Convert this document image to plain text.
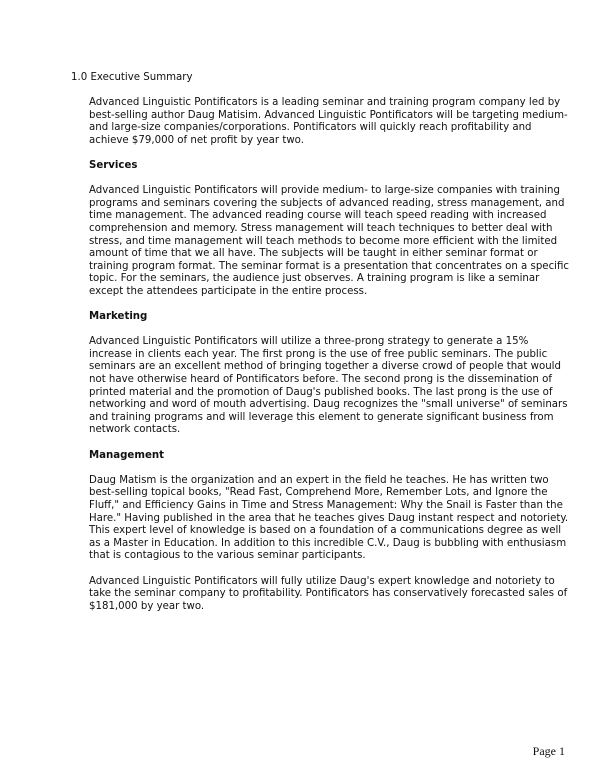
1.0 Executive Summary

Advanced Linguistic Pontificators is a leading seminar and training program company led by best-selling author Daug Matisim. Advanced Linguistic Pontificators will be targeting medium- and large-size companies/corporations. Pontificators will quickly reach profitability and achieve $79,000 of net profit by year two.

Services

Advanced Linguistic Pontificators will provide medium- to large-size companies with training programs and seminars covering the subjects of advanced reading, stress management, and time management. The advanced reading course will teach speed reading with increased comprehension and memory. Stress management will teach techniques to better deal with stress, and time management will teach methods to become more efficient with the limited amount of time that we all have. The subjects will be taught in either seminar format or training program format. The seminar format is a presentation that concentrates on a specific topic. For the seminars, the audience just observes. A training program is like a seminar except the attendees participate in the entire process.

Marketing

Advanced Linguistic Pontificators will utilize a three-prong strategy to generate a 15% increase in clients each year. The first prong is the use of free public seminars. The public seminars are an excellent method of bringing together a diverse crowd of people that would not have otherwise heard of Pontificators before. The second prong is the dissemination of printed material and the promotion of Daug's published books. The last prong is the use of networking and word of mouth advertising. Daug recognizes the "small universe" of seminars and training programs and will leverage this element to generate significant business from network contacts.

Management

Daug Matism is the organization and an expert in the field he teaches. He has written two best-selling topical books, "Read Fast, Comprehend More, Remember Lots, and Ignore the Fluff," and Efficiency Gains in Time and Stress Management: Why the Snail is Faster than the Hare." Having published in the area that he teaches gives Daug instant respect and notoriety. This expert level of knowledge is based on a foundation of a communications degree as well as a Master in Education. In addition to this incredible C.V., Daug is bubbling with enthusiasm that is contagious to the various seminar participants.

Advanced Linguistic Pontificators will fully utilize Daug's expert knowledge and notoriety to take the seminar company to profitability. Pontificators has conservatively forecasted sales of $181,000 by year two.

Page 1
